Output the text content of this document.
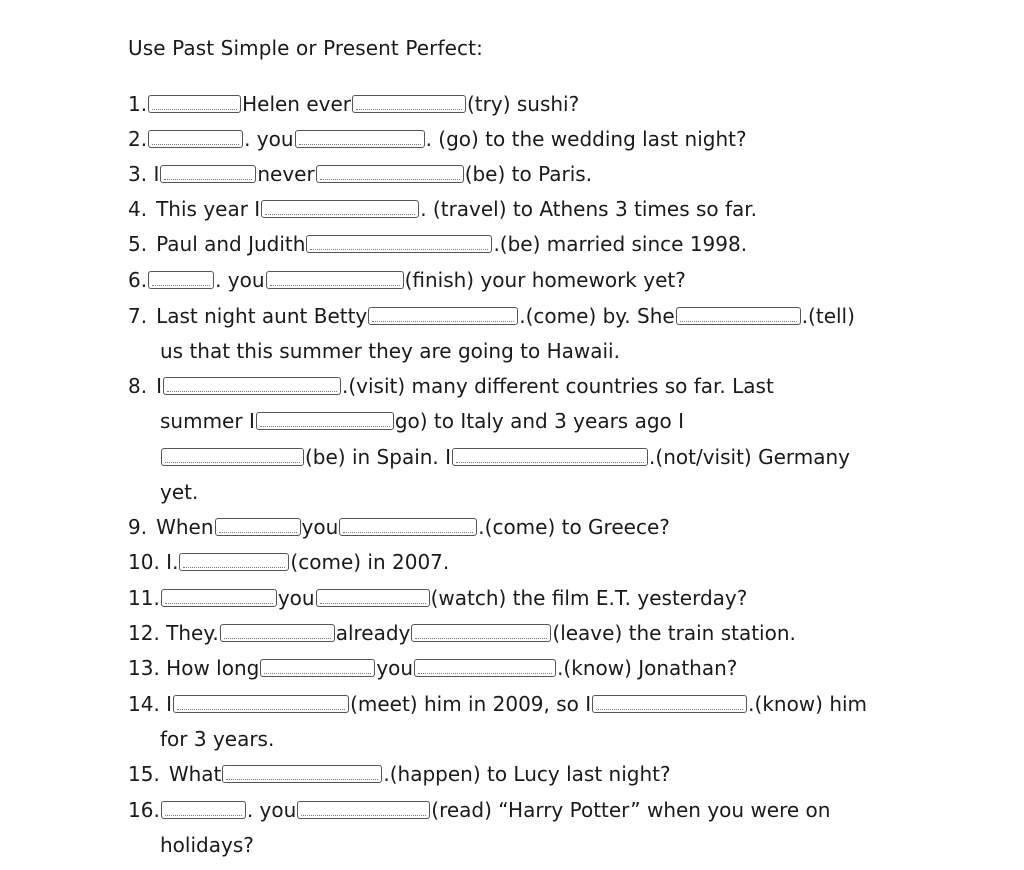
Use Past Simple or Present Perfect:
1.	Helen ever	(try) sushi?
2.	. you	. (go) to the wedding last night?
3. I	never	(be) to Paris.
4. This year I	. (travel) to Athens 3 times so far.
5. Paul and Judith	.(be) married since 1998.
6.	. you	(finish) your homework yet?
7. Last night aunt Betty	.(come) by. She	.(tell)
us that this summer they are going to Hawaii.
8. I	.(visit) many different countries so far. Last
summer I	go) to Italy and 3 years ago I
(be) in Spain. I	.(not/visit) Germany
yet.
9. When	you	.(come) to Greece?
10. I.	(come) in 2007.
11.	you	(watch) the film E.T. yesterday?
12. They.	already	(leave) the train station.
13. How long	you	.(know) Jonathan?
14. I	(meet) him in 2009, so I	.(know) him
for 3 years.
15. What	.(happen) to Lucy last night?
16.	. you	(read) “Harry Potter” when you were on
holidays?
